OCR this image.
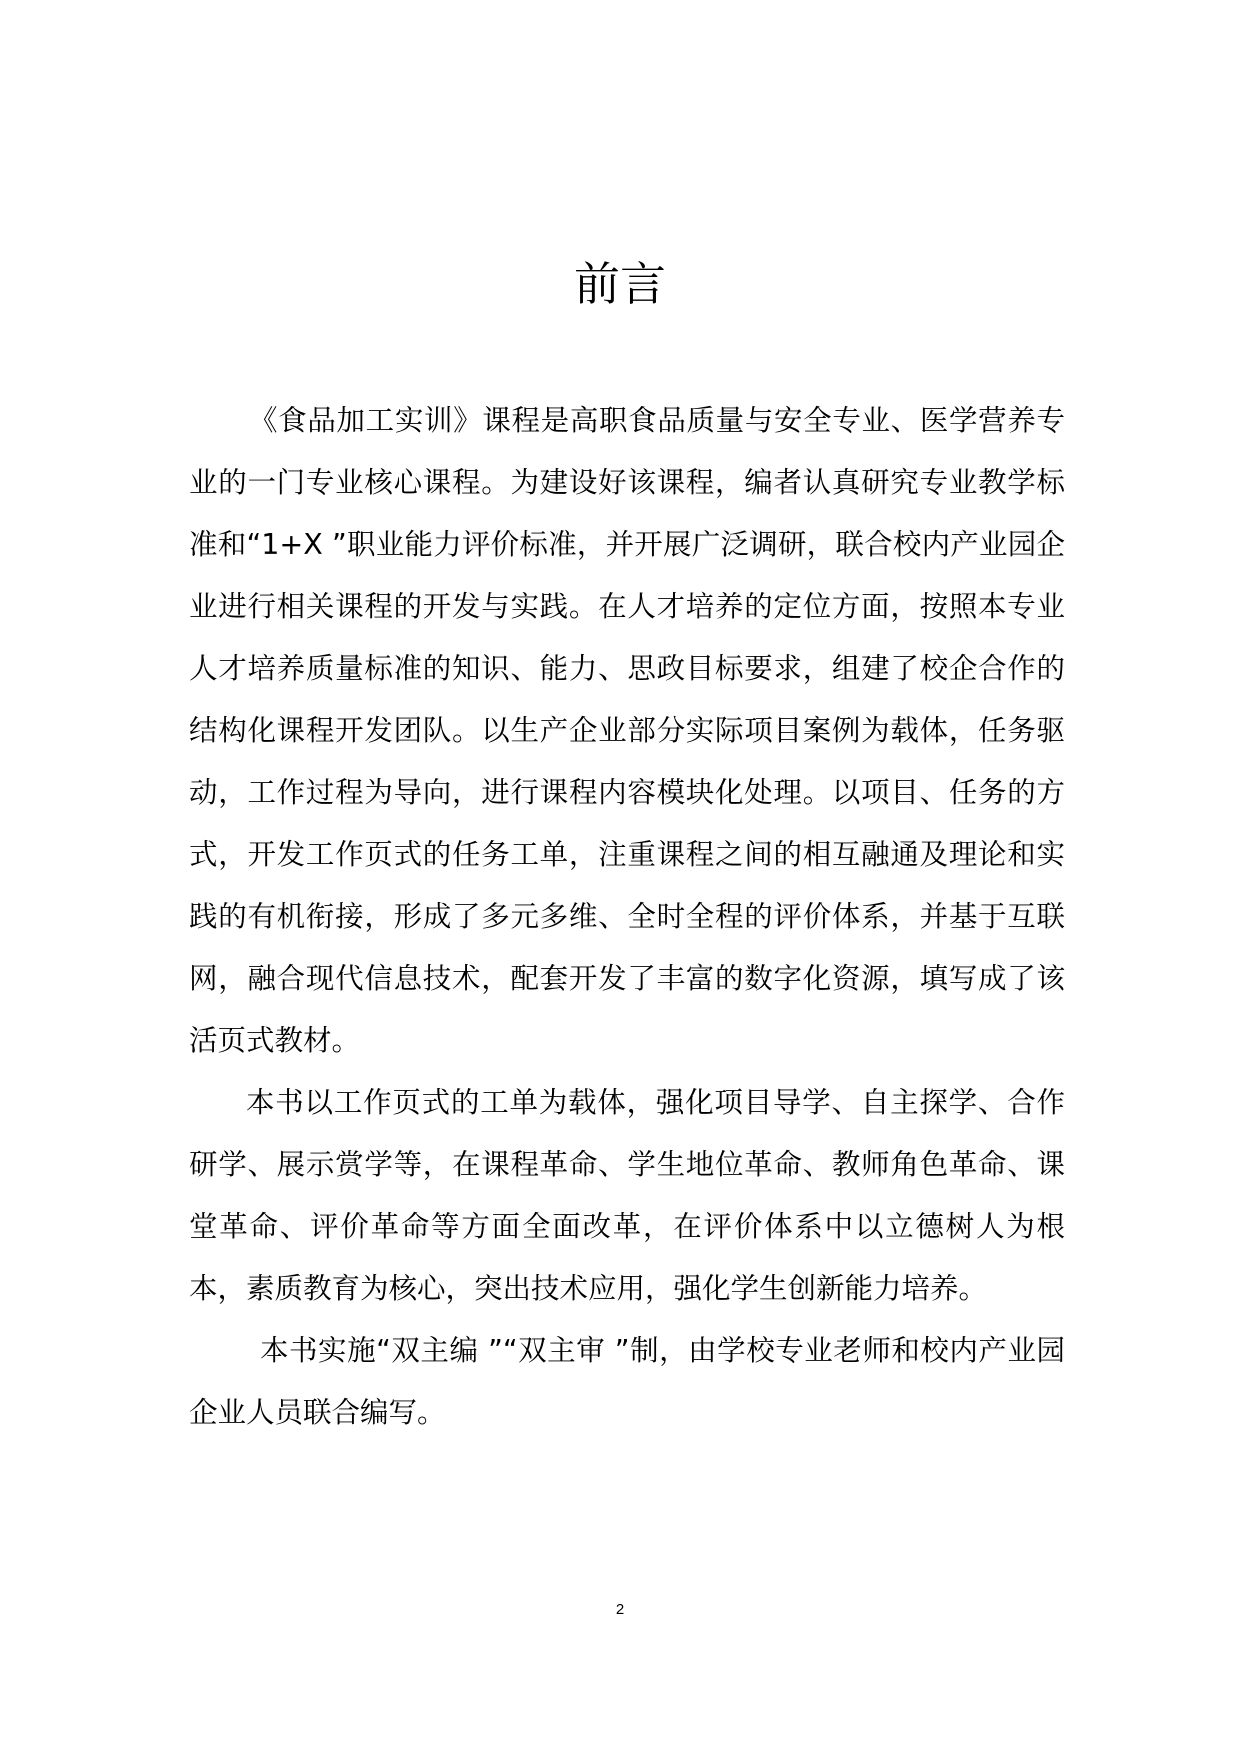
前言

《食品加工实训》课程是高职食品质量与安全专业、医学营养专业的一门专业核心课程。为建设好该课程，编者认真研究专业教学标准和“1+X ”职业能力评价标准，并开展广泛调研，联合校内产业园企业进行相关课程的开发与实践。在人才培养的定位方面，按照本专业人才培养质量标准的知识、能力、思政目标要求，组建了校企合作的结构化课程开发团队。以生产企业部分实际项目案例为载体，任务驱动，工作过程为导向，进行课程内容模块化处理。以项目、任务的方式，开发工作页式的任务工单，注重课程之间的相互融通及理论和实践的有机衔接，形成了多元多维、全时全程的评价体系，并基于互联网，融合现代信息技术，配套开发了丰富的数字化资源，填写成了该活页式教材。

本书以工作页式的工单为载体，强化项目导学、自主探学、合作研学、展示赏学等，在课程革命、学生地位革命、教师角色革命、课堂革命、评价革命等方面全面改革，在评价体系中以立德树人为根本，素质教育为核心，突出技术应用，强化学生创新能力培养。

本书实施“双主编 ”“双主审 ”制，由学校专业老师和校内产业园企业人员联合编写。

2
